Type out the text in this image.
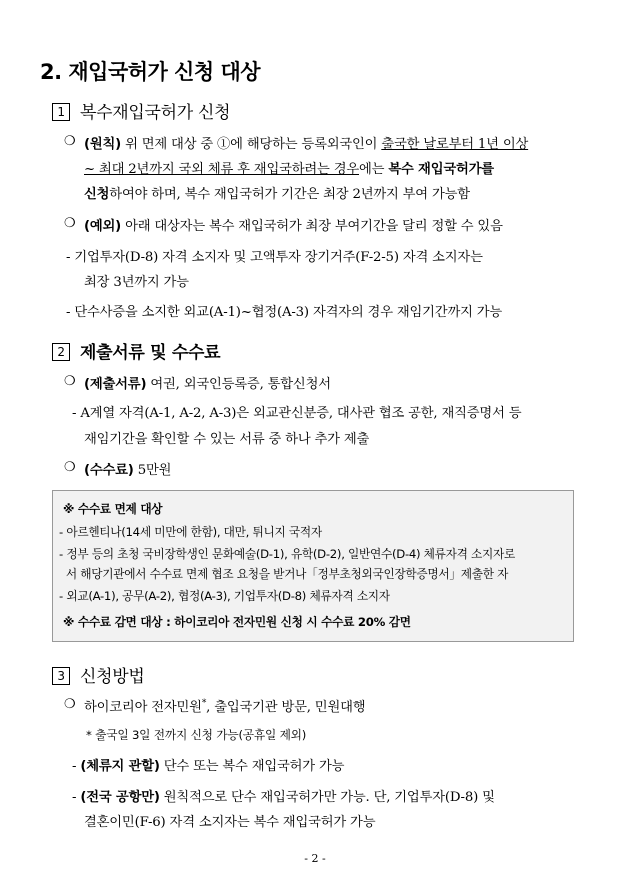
2. 재입국허가 신청 대상
1 복수재입국허가 신청
❍ (원칙) 위 면제 대상 중 ①에 해당하는 등록외국인이 출국한 날로부터 1년 이상
~ 최대 2년까지 국외 체류 후 재입국하려는 경우에는 복수 재입국허가를
신청하여야 하며, 복수 재입국허가 기간은 최장 2년까지 부여 가능함
❍ (예외) 아래 대상자는 복수 재입국허가 최장 부여기간을 달리 정할 수 있음
- 기업투자(D-8) 자격 소지자 및 고액투자 장기거주(F-2-5) 자격 소지자는
최장 3년까지 가능
- 단수사증을 소지한 외교(A-1)~협정(A-3) 자격자의 경우 재임기간까지 가능
2 제출서류 및 수수료
❍ (제출서류) 여권, 외국인등록증, 통합신청서
- A계열 자격(A-1, A-2, A-3)은 외교관신분증, 대사관 협조 공한, 재직증명서 등
재임기간을 확인할 수 있는 서류 중 하나 추가 제출
❍ (수수료) 5만원
※ 수수료 면제 대상
- 아르헨티나(14세 미만에 한함), 대만, 튀니지 국적자
- 정부 등의 초청 국비장학생인 문화예술(D-1), 유학(D-2), 일반연수(D-4) 체류자격 소지자로
서 해당기관에서 수수료 면제 협조 요청을 받거나「정부초청외국인장학증명서」제출한 자
- 외교(A-1), 공무(A-2), 협정(A-3), 기업투자(D-8) 체류자격 소지자
※ 수수료 감면 대상 : 하이코리아 전자민원 신청 시 수수료 20% 감면
3 신청방법
❍ 하이코리아 전자민원*, 출입국기관 방문, 민원대행
* 출국일 3일 전까지 신청 가능(공휴일 제외)
- (체류지 관할) 단수 또는 복수 재입국허가 가능
- (전국 공항만) 원칙적으로 단수 재입국허가만 가능. 단, 기업투자(D-8) 및
결혼이민(F-6) 자격 소지자는 복수 재입국허가 가능
- 2 -
